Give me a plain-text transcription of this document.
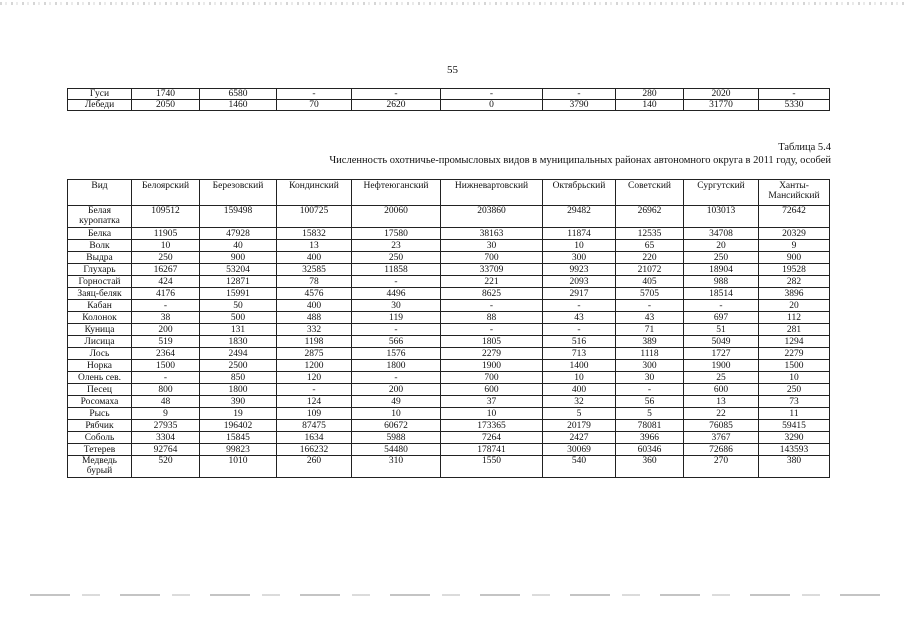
55
Гуси	1740	6580	-	-	-	-	280	2020	-
Лебеди	2050	1460	70	2620	0	3790	140	31770	5330
Таблица 5.4
Численность охотничье-промысловых видов в муниципальных районах автономного округа в 2011 году, особей
Вид	Белоярский	Березовский	Кондинский	Нефтеюганский	Нижневартовский	Октябрьский	Советский	Сургутский	Ханты-Мансийский
Белая куропатка	109512	159498	100725	20060	203860	29482	26962	103013	72642
Белка	11905	47928	15832	17580	38163	11874	12535	34708	20329
Волк	10	40	13	23	30	10	65	20	9
Выдра	250	900	400	250	700	300	220	250	900
Глухарь	16267	53204	32585	11858	33709	9923	21072	18904	19528
Горностай	424	12871	78	-	221	2093	405	988	282
Заяц-беляк	4176	15991	4576	4496	8625	2917	5705	18514	3896
Кабан	-	50	400	30	-	-	-	-	20
Колонок	38	500	488	119	88	43	43	697	112
Куница	200	131	332	-	-	-	71	51	281
Лисица	519	1830	1198	566	1805	516	389	5049	1294
Лось	2364	2494	2875	1576	2279	713	1118	1727	2279
Норка	1500	2500	1200	1800	1900	1400	300	1900	1500
Олень сев.	-	850	120	-	700	10	30	25	10
Песец	800	1800	-	200	600	400	-	600	250
Росомаха	48	390	124	49	37	32	56	13	73
Рысь	9	19	109	10	10	5	5	22	11
Рябчик	27935	196402	87475	60672	173365	20179	78081	76085	59415
Соболь	3304	15845	1634	5988	7264	2427	3966	3767	3290
Тетерев	92764	99823	166232	54480	178741	30069	60346	72686	143593
Медведь бурый	520	1010	260	310	1550	540	360	270	380
